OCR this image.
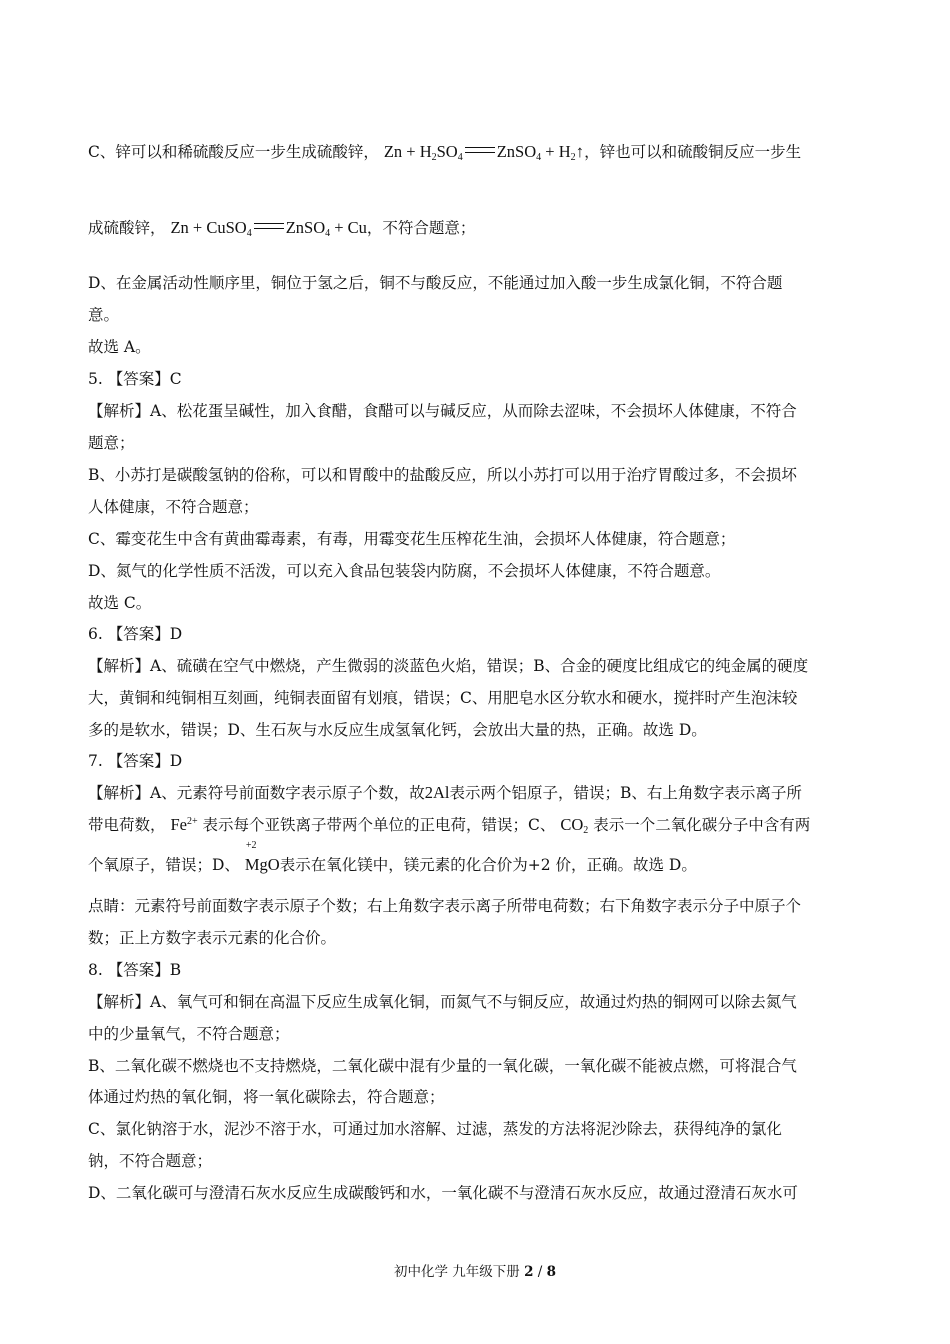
C、锌可以和稀硫酸反应一步生成硫酸锌， $Zn + H_2SO_4$ ZnSO$_4$ + $H_2↑$，锌也可以和硫酸铜反应一步生
成硫酸锌， Zn + CuSO$_4$ ZnSO$_4$ + Cu，不符合题意；
D、在金属活动性顺序里，铜位于氢之后，铜不与酸反应，不能通过加入酸一步生成氯化铜，不符合题
意。
故选 A。
5. 【答案】C
【解析】A、松花蛋呈碱性，加入食醋，食醋可以与碱反应，从而除去涩味，不会损坏人体健康，不符合
题意；
B、小苏打是碳酸氢钠的俗称，可以和胃酸中的盐酸反应，所以小苏打可以用于治疗胃酸过多，不会损坏
人体健康，不符合题意；
C、霉变花生中含有黄曲霉毒素，有毒，用霉变花生压榨花生油，会损坏人体健康，符合题意；
D、氮气的化学性质不活泼，可以充入食品包装袋内防腐，不会损坏人体健康，不符合题意。
故选 C。
6. 【答案】D
【解析】A、硫磺在空气中燃烧，产生微弱的淡蓝色火焰，错误；B、合金的硬度比组成它的纯金属的硬度
大，黄铜和纯铜相互刻画，纯铜表面留有划痕，错误；C、用肥皂水区分软水和硬水，搅拌时产生泡沫较
多的是软水，错误；D、生石灰与水反应生成氢氧化钙，会放出大量的热，正确。故选 D。
7. 【答案】D
【解析】A、元素符号前面数字表示原子个数，故2Al表示两个铝原子，错误；B、右上角数字表示离子所
带电荷数， $Fe^{2+}$ 表示每个亚铁离子带两个单位的正电荷，错误；C、 $CO_2$ 表示一个二氧化碳分子中含有两
个氧原子，错误；D、
+2
MgO表示在氧化镁中，镁元素的化合价为+2 价，正确。故选 D。
点睛：元素符号前面数字表示原子个数；右上角数字表示离子所带电荷数；右下角数字表示分子中原子个
数；正上方数字表示元素的化合价。
8. 【答案】B
【解析】A、氧气可和铜在高温下反应生成氧化铜，而氮气不与铜反应，故通过灼热的铜网可以除去氮气
中的少量氧气，不符合题意；
B、二氧化碳不燃烧也不支持燃烧，二氧化碳中混有少量的一氧化碳，一氧化碳不能被点燃，可将混合气
体通过灼热的氧化铜，将一氧化碳除去，符合题意；
C、氯化钠溶于水，泥沙不溶于水，可通过加水溶解、过滤，蒸发的方法将泥沙除去，获得纯净的氯化
钠，不符合题意；
D、二氧化碳可与澄清石灰水反应生成碳酸钙和水，一氧化碳不与澄清石灰水反应，故通过澄清石灰水可
初中化学 九年级下册 2 / 8
